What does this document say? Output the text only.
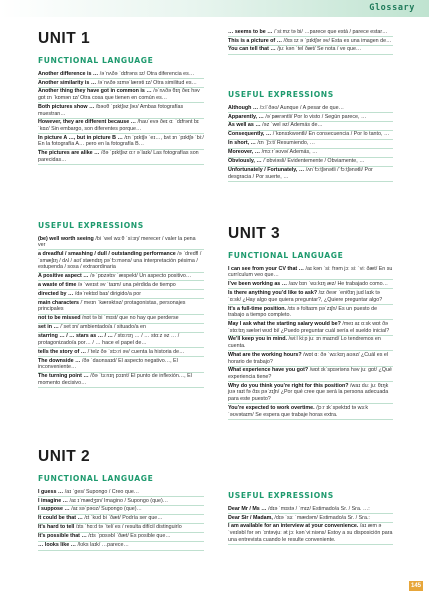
Glossary
UNIT 1
FUNCTIONAL LANGUAGE
Another difference is … /əˈnʌðə ˈdɪfrəns ɪz/ Otra diferencia es…
Another similarity is … /əˈnʌðə sɪməˈlærəti ɪz/ Otra similitud es…
Another thing they have got in common is … /əˈnʌðə θɪŋ ðeɪ həv gɒt ɪn ˈkɒmən ɪz/ Otra cosa que tienen en común es…
Both pictures show … /bəʊθ ˈpɪktʃəz ʃəʊ/ Ambas fotografías muestran…
However, they are different because … /haʊˈevə ðeɪ ɑː ˈdɪfrənt bɪˈkɒz/ Sin embargo, son diferentes porque…
In picture A …, but in picture B … /ɪn ˈpɪktʃə ˈeɪ…, bʌt ɪn ˈpɪktʃə ˈbiː/ En la fotografía A… pero en la fotografía B…
The pictures are alike … /ðə ˈpɪktʃəz ɑːr əˈlaɪk/ Las fotografías son parecidas…
USEFUL EXPRESSIONS
(be) well worth seeing /bi ˈwel wɜːθ ˈsiːɪŋ/ merecer / valer la pena ver
a dreadful / smashing / dull / outstanding performance /ə ˈdredfl / ˈsmæʃɪŋ / dʌl / aʊtˈstændɪŋ pəˈfɔːməns/ una interpretación pésima / estupenda / sosa / extraordinaria
A positive aspect … /ə ˈpɒzətɪv ˈæspekt/ Un aspecto positivo…
a waste of time /ə ˈweɪst əv ˈtaɪm/ una pérdida de tiempo
directed by … /dəˈrektɪd baɪ/ dirigido/a por
main characters /ˈmeɪn ˈkærəktəz/ protagonistas, personajes principales
not to be missed /nɒt tə bi ˈmɪst/ que no hay que perderse
set in … /ˈset ɪn/ ambientado/a / situado/a en
starring … / … stars as … / … /ˈstɑːrɪŋ … / … stɑːz əz … / protagonizado/a por… / … hace el papel de…
tells the story of … /ˈtelz ðə ˈstɔːri əv/ cuenta la historia de…
The downside … /ðə ˈdaʊnsaɪd/ El aspecto negativo…, El inconveniente…
The turning point … /ðə ˈtɜːnɪŋ pɔɪnt/ El punto de inflexión…, El momento decisivo…
UNIT 2
FUNCTIONAL LANGUAGE
I guess … /aɪ ˈges/ Supongo / Creo que…
I imagine … /aɪ ɪˈmædʒɪn/ Imagino / Supongo (que)…
I suppose … /aɪ səˈpəʊz/ Supongo (que)…
It could be that … /ɪt ˈkʊd bi ˈðæt/ Podría ser que…
It’s hard to tell /ɪts ˈhɑːd tə ˈtel/ es / resulta difícil distinguirlo
It’s possible that … /ɪts ˈpɒsəbl ˈðæt/ Es posible que…
… looks like … /lʊks laɪk/ …parece…
… seems to be … /ˈsiːmz tə bi/ …parece que está / parece estar…
This is a picture of … /ðɪs ɪz ə ˈpɪktʃər əv/ Esta es una imagen de…
You can tell that … /juː kən ˈtel ðæt/ Se nota / ve que…
USEFUL EXPRESSIONS
Although … /ɔːlˈðəʊ/ Aunque / A pesar de que…
Apparently, … /əˈpærəntli/ Por lo visto / Según parece, …
As well as … /əz ˈwel əz/ Además de…
Consequently, … /ˈkɒnsɪkwəntli/ En consecuencia / Por lo tanto, …
In short, … /ɪn ˈʃɔːt/ Resumiendo, …
Moreover, … /mɔːrˈəʊvə/ Además, …
Obviously, … /ˈɒbviəsli/ Evidentemente / Obviamente, …
Unfortunately / Fortunately, … /ʌnˈfɔːtʃənətli /ˈfɔːtʃənətli/ Por desgracia / Por suerte, …
UNIT 3
FUNCTIONAL LANGUAGE
I can see from your CV that … /aɪ kən ˈsiː frəm jɔː siː ˈviː ðæt/ En su currículum veo que…
I’ve been working as … /aɪv bɪn ˈwɜːkɪŋ æz/ He trabajado como…
Is there anything you’d like to ask? /ɪz ðeər ˈeniθɪŋ jud laɪk tə ˈɑːsk/ ¿Hay algo que quiera preguntar?, ¿Quiere preguntar algo?
It’s a full-time position. /ɪts ə fʊltaɪm pəˈzɪʃn/ Es un puesto de trabajo a tiempo completo.
May I ask what the starting salary would be? /meɪ aɪ ɑːsk wɒt ðə ˈstɑːtɪŋ sæləri wʊd bi/ ¿Puedo preguntar cuál sería el sueldo inicial?
We’ll keep you in mind. /wiːl kiːp juː ɪn maɪnd/ Lo tendremos en cuenta.
What are the working hours? /wɒt ɑː ðə ˈwɜːkɪŋ aʊəz/ ¿Cuál es el horario de trabajo?
What experience have you got? /wɒt ɪkˈspɪəriəns həv juː gɒt/ ¿Qué experiencia tiene?
Why do you think you’re right for this position? /waɪ duː juː θɪŋk jʊə raɪt fə ðɪs pəˈzɪʃn/ ¿Por qué cree que será la persona adecuada para este puesto?
You’re expected to work overtime. /jɔːr ɪkˈspektɪd tə wɜːk ˈəʊvətaɪm/ Se espera que trabaje horas extra.
USEFUL EXPRESSIONS
Dear Mr / Ms … /dɪə ˈmɪstə / ˈmɪz/ Estimado/a Sr. / Sra. …:
Dear Sir / Madam, /dɪə ˈsɜː ˈmædəm/ Estimado/a Sr. / Sra.:
I am available for an interview at your convenience. /aɪ æm əˈveɪləbl fər ən ˈɪntəvjuː ət jɔː kənˈviːniəns/ Estoy a su disposición para una entrevista cuando le resulte conveniente.
145
